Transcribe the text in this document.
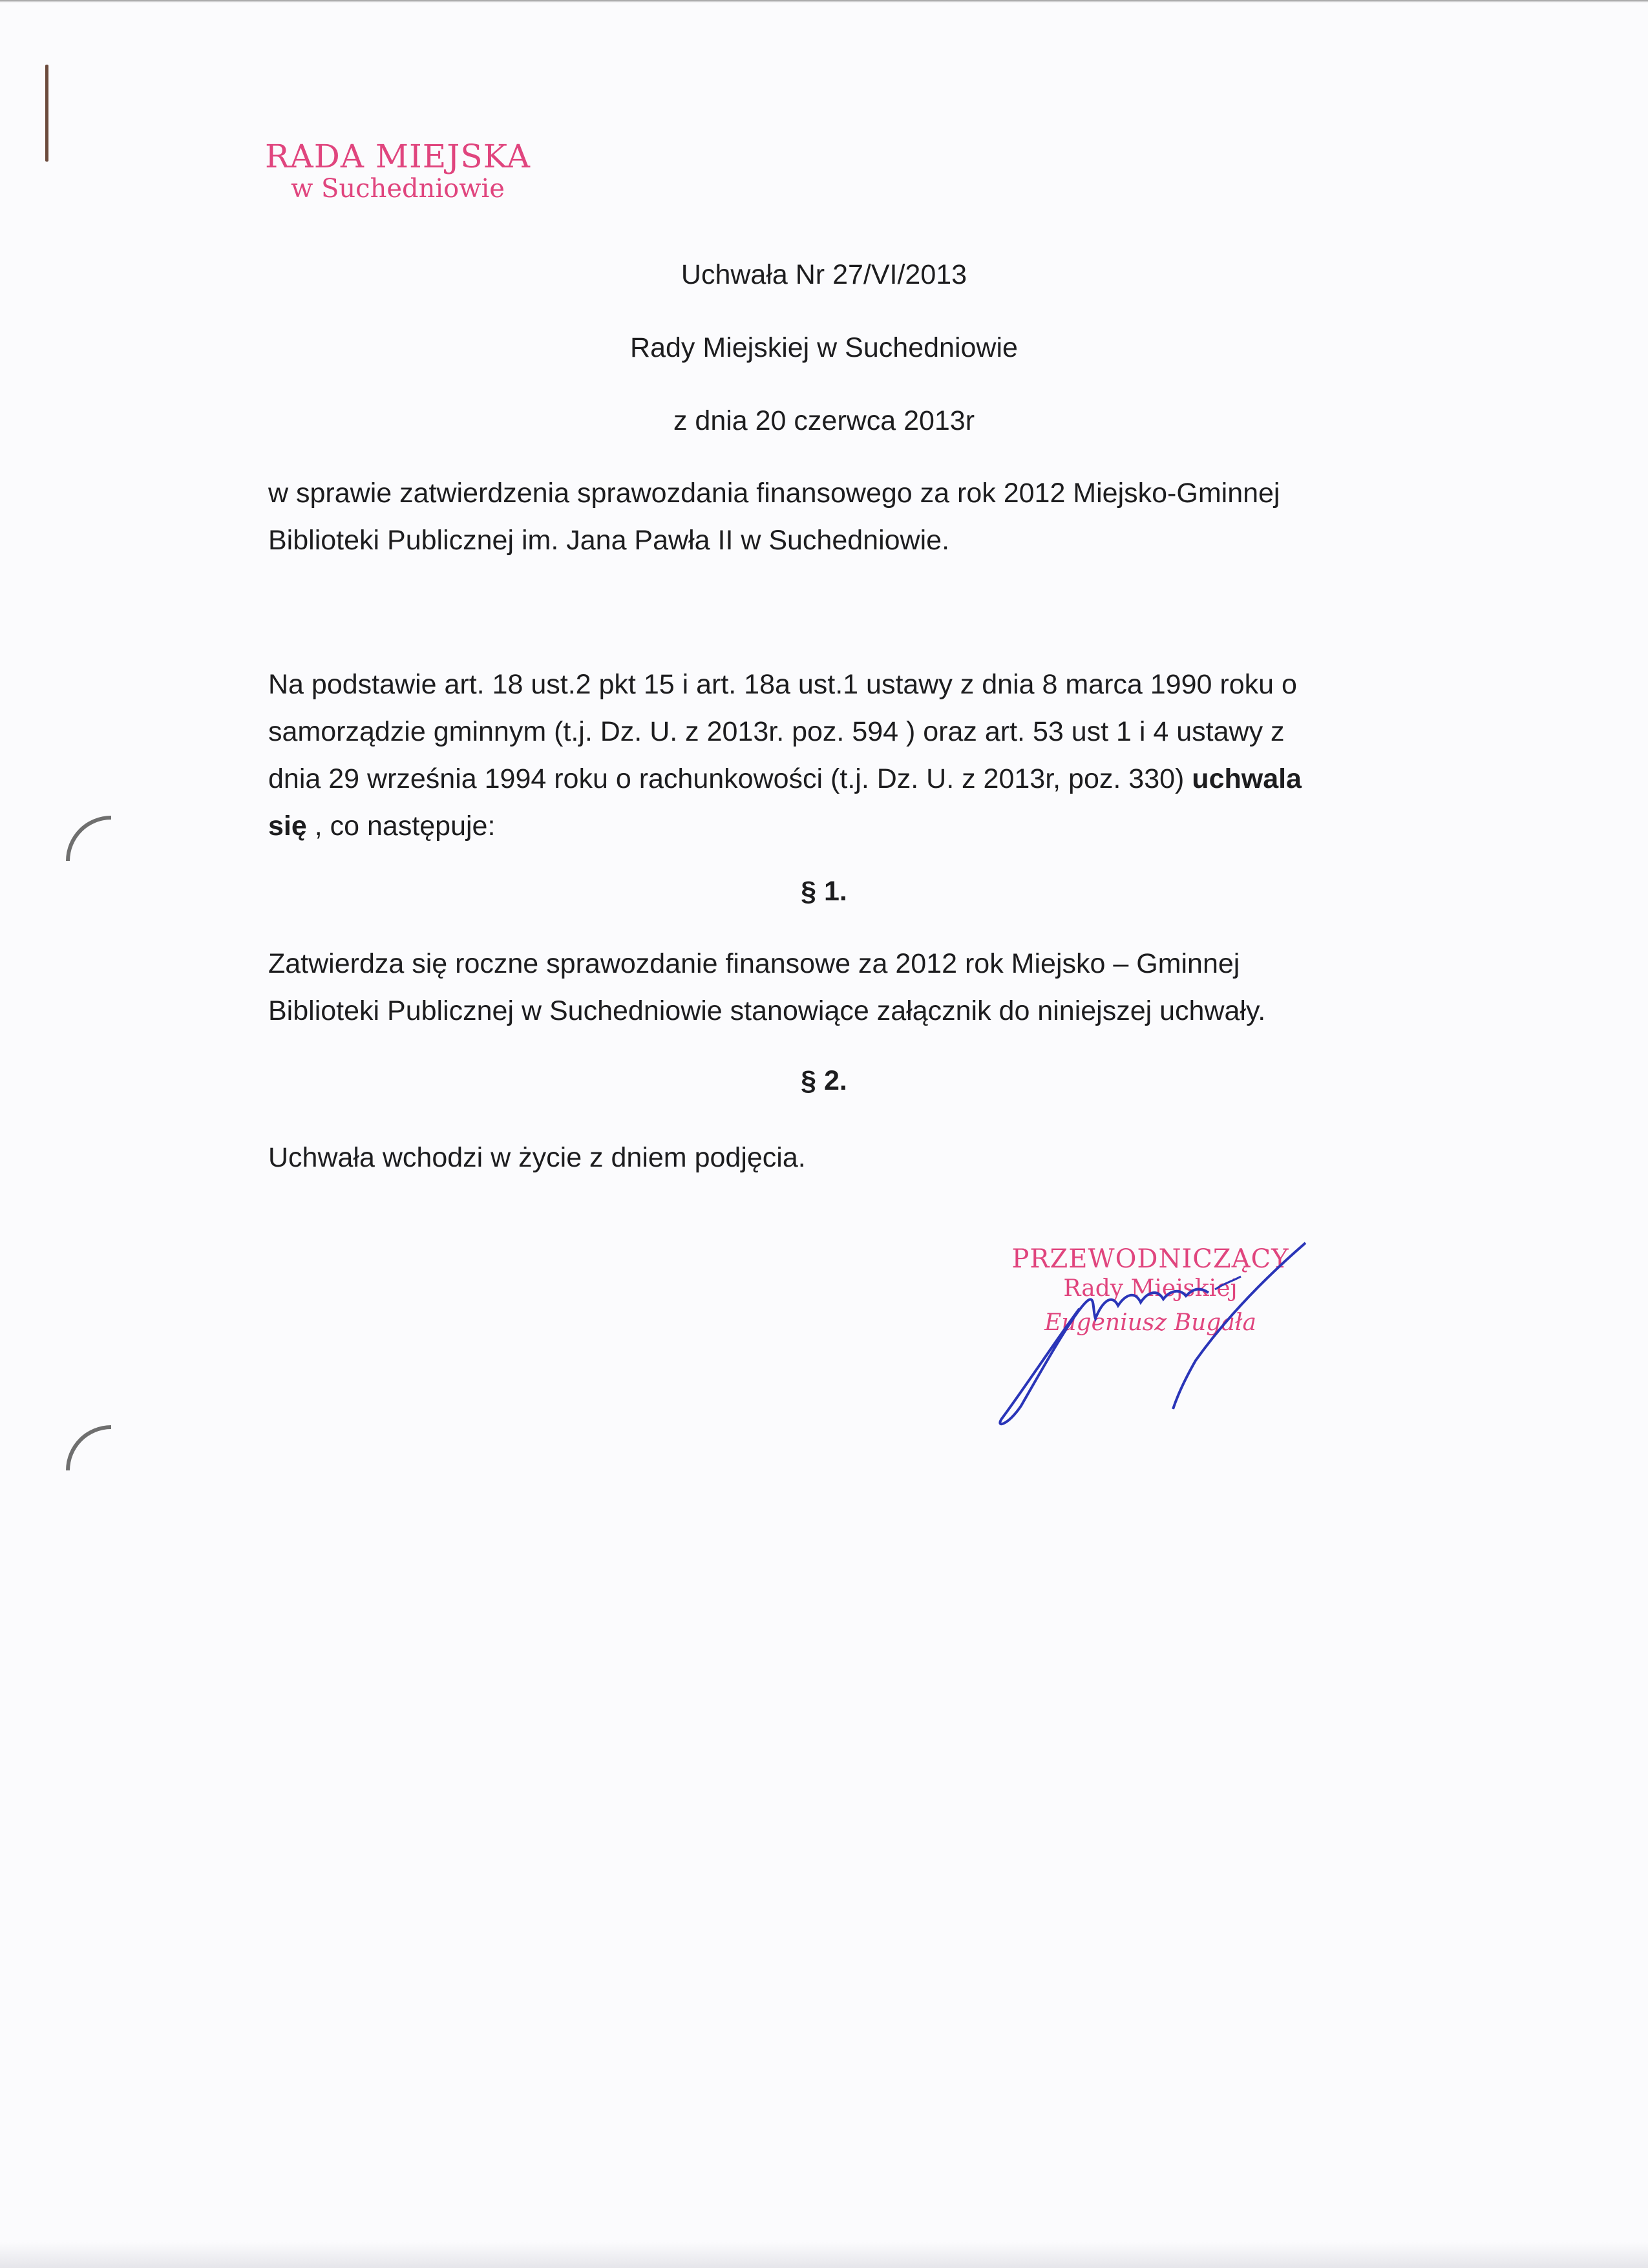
RADA MIEJSKA
w Suchedniowie
Uchwała Nr 27/VI/2013
Rady Miejskiej w Suchedniowie
z dnia 20 czerwca 2013r
w sprawie zatwierdzenia sprawozdania finansowego za rok 2012 Miejsko-Gminnej
Biblioteki Publicznej im. Jana Pawła II w Suchedniowie.
Na podstawie art. 18 ust.2 pkt 15 i art. 18a ust.1 ustawy z dnia 8 marca 1990 roku o
samorządzie gminnym (t.j. Dz. U. z 2013r. poz. 594 ) oraz art. 53 ust 1 i 4 ustawy z
dnia 29 września 1994 roku o rachunkowości (t.j. Dz. U. z 2013r, poz. 330) uchwala
się , co następuje:
§ 1.
Zatwierdza się roczne sprawozdanie finansowe za 2012 rok Miejsko – Gminnej
Biblioteki Publicznej w Suchedniowie stanowiące załącznik do niniejszej uchwały.
§ 2.
Uchwała wchodzi w życie z dniem podjęcia.
PRZEWODNICZĄCY
Rady Miejskiej
Eugeniusz Bugała
